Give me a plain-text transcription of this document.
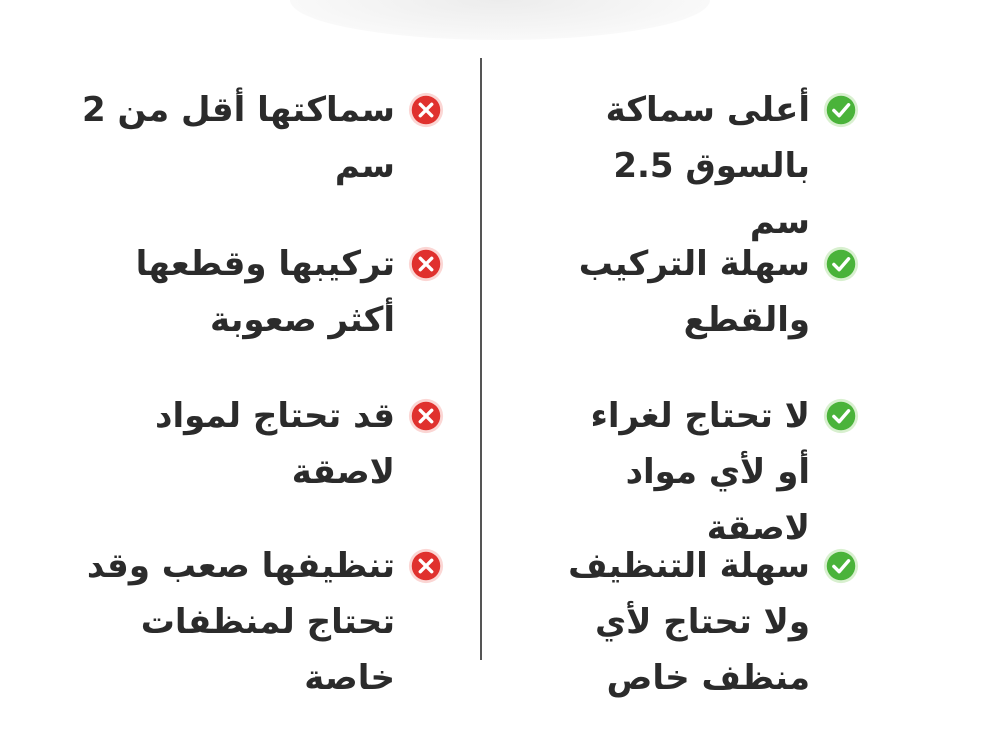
أعلى سماكة بالسوق 2.5 سم
سهلة التركيب والقطع
لا تحتاج لغراء أو لأي مواد لاصقة
سهلة التنظيف ولا تحتاج لأي منظف خاص
سماكتها أقل من 2 سم
تركيبها وقطعها أكثر صعوبة
قد تحتاج لمواد لاصقة
تنظيفها صعب وقد تحتاج لمنظفات خاصة
